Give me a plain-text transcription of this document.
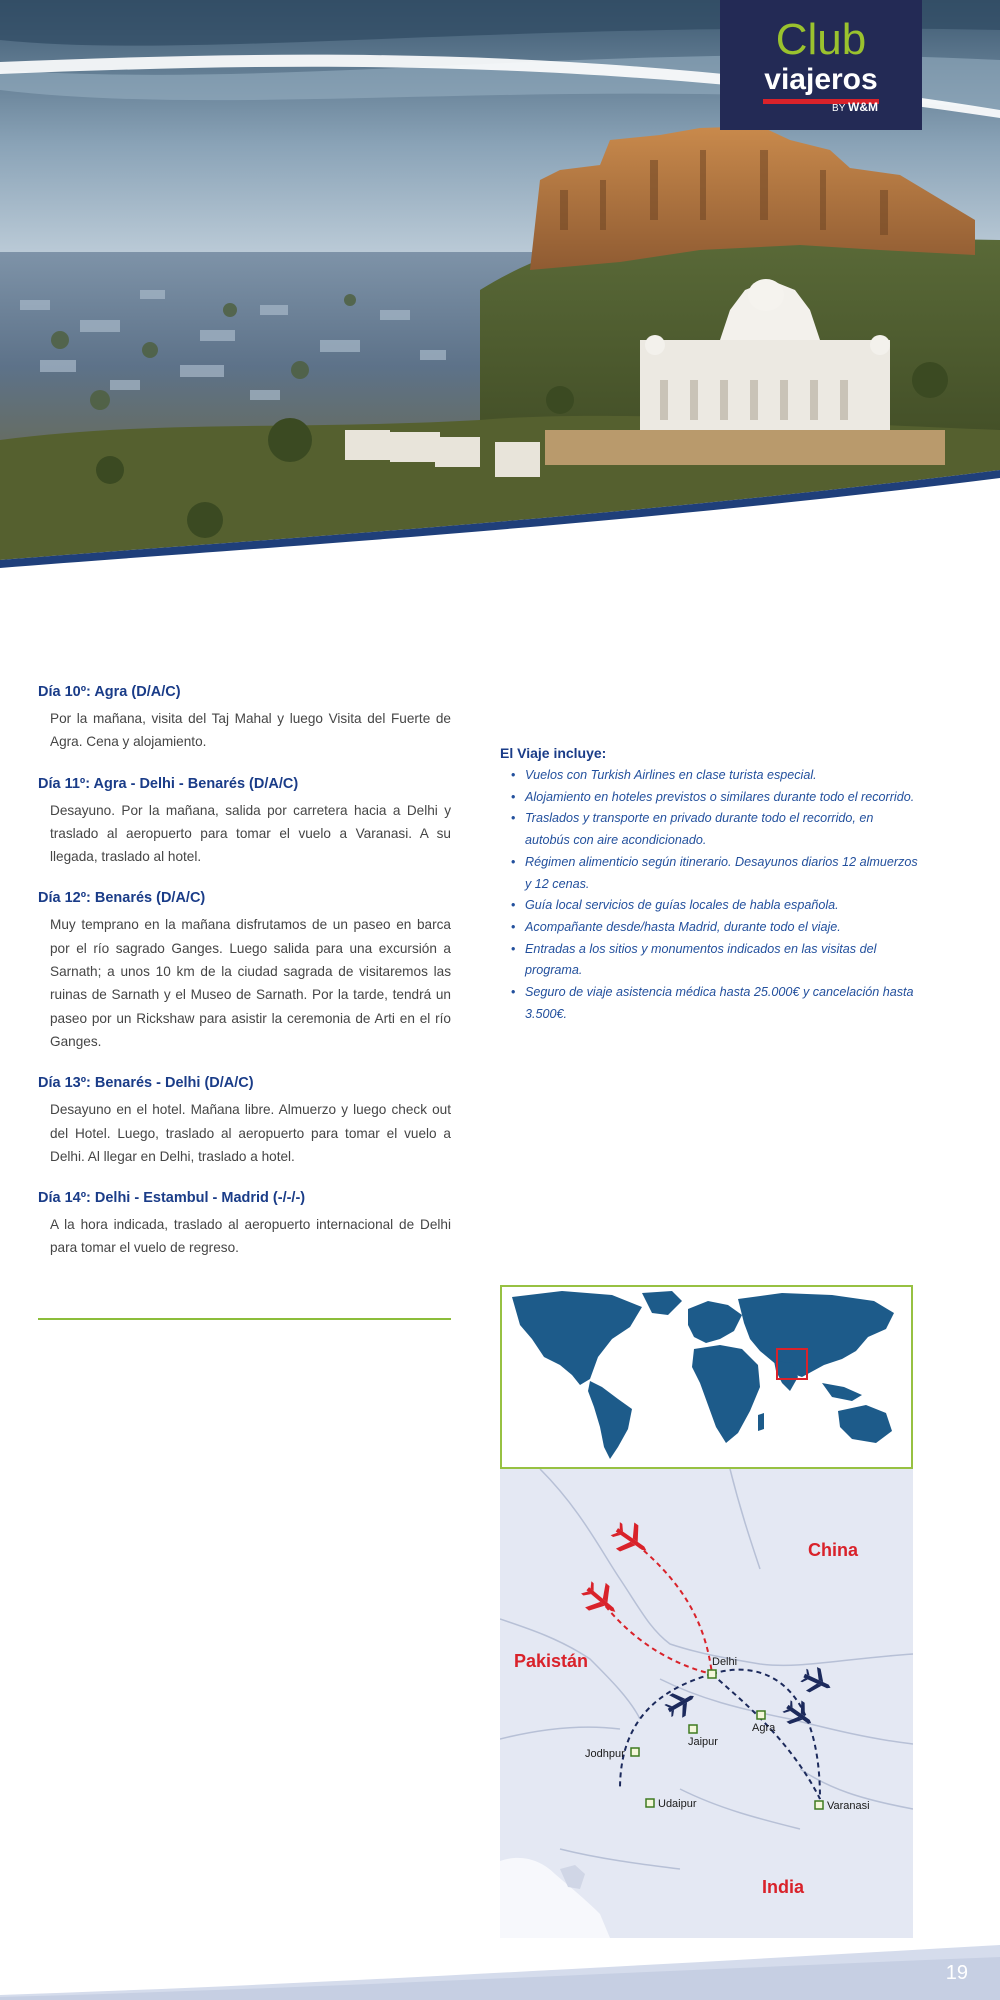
Club
viajeros
BY W&M
Día 10º: Agra (D/A/C)
Por la mañana, visita del Taj Mahal y luego Visita del Fuerte de Agra. Cena y alojamiento.
Día 11º: Agra - Delhi - Benarés (D/A/C)
Desayuno. Por la mañana, salida por carretera hacia a Delhi y traslado al aeropuerto para tomar el vuelo a Varanasi. A su llegada, traslado al hotel.
Día 12º: Benarés (D/A/C)
Muy temprano en la mañana disfrutamos de un paseo en barca por el río sagrado Ganges. Luego salida para una excursión a Sarnath; a unos 10 km de la ciudad sagrada de visitaremos las ruinas de Sarnath y el Museo de Sarnath. Por la tarde, tendrá un paseo por un Rickshaw para asistir la ceremonia de Arti en el río Ganges.
Día 13º: Benarés - Delhi (D/A/C)
Desayuno en el hotel. Mañana libre. Almuerzo y luego check out del Hotel. Luego, traslado al aeropuerto para tomar el vuelo a Delhi. Al llegar en Delhi, traslado a hotel.
Día 14º: Delhi - Estambul - Madrid (-/-/-)
A la hora indicada, traslado al aeropuerto internacional de Delhi para tomar el vuelo de regreso.
El Viaje incluye:
• Vuelos con Turkish Airlines en clase turista especial.
• Alojamiento en hoteles previstos o similares durante todo el recorrido.
• Traslados y transporte en privado durante todo el recorrido, en autobús con aire acondicionado.
• Régimen alimenticio según itinerario. Desayunos diarios 12 almuerzos y 12 cenas.
• Guía local servicios de guías locales de habla española.
• Acompañante desde/hasta Madrid, durante todo el viaje.
• Entradas a los sitios y monumentos indicados en las visitas del programa.
• Seguro de viaje asistencia médica hasta 25.000€ y cancelación hasta 3.500€.
Delhi
Jaipur
Agra
Jodhpur
Udaipur	Varanasi
China
Pakistán
India
19
